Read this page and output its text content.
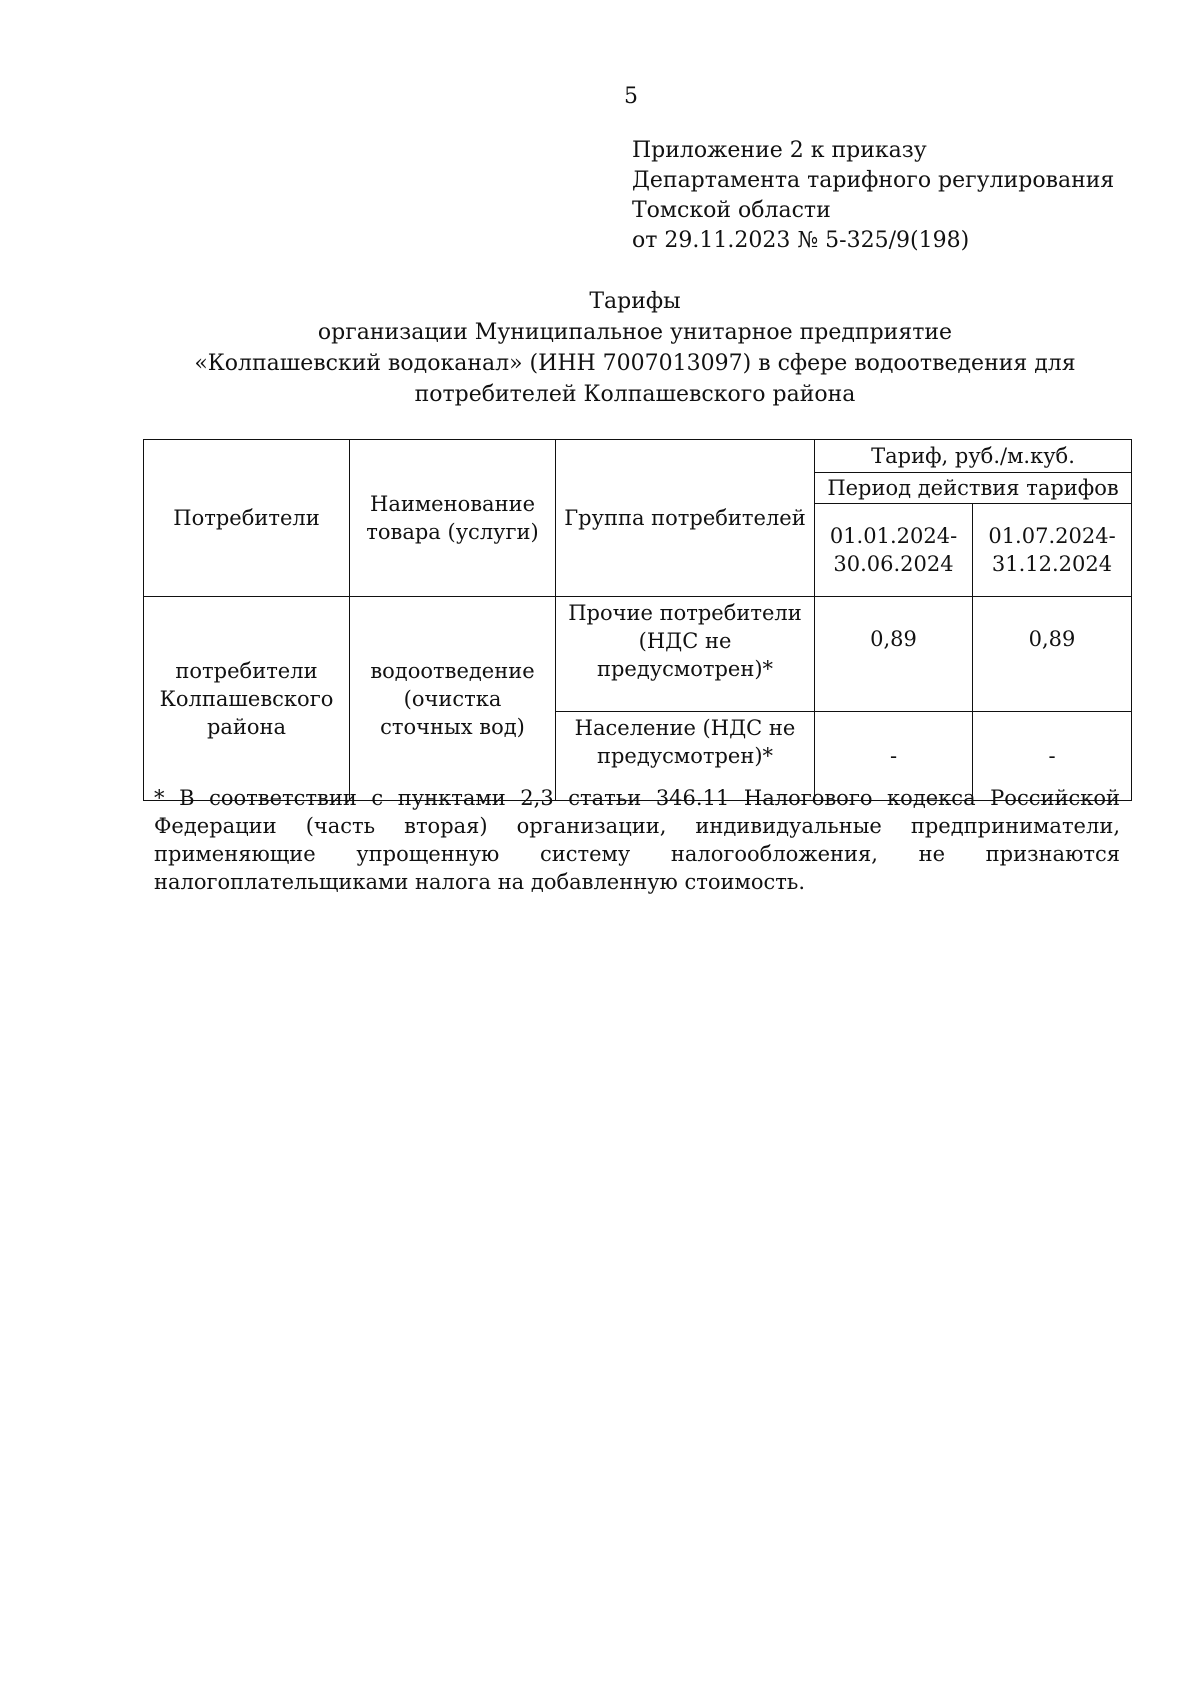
5
Приложение 2 к приказу
Департамента тарифного регулирования
Томской области
от 29.11.2023 № 5-325/9(198)
Тарифы
организации Муниципальное унитарное предприятие
«Колпашевский водоканал» (ИНН 7007013097) в сфере водоотведения для
потребителей Колпашевского района
Потребители	Наименование товара (услуги)	Группа потребителей	Тариф, руб./м.куб.	
			Период действия тарифов	
			01.01.2024-30.06.2024	01.07.2024-31.12.2024
потребители Колпашевского района	водоотведение (очистка сточных вод)	Прочие потребители (НДС не предусмотрен)*	0,89	0,89
		Население (НДС не предусмотрен)*	-	-
* В соответствии с пунктами 2,3 статьи 346.11 Налогового кодекса Российской Федерации (часть вторая) организации, индивидуальные предприниматели, применяющие упрощенную систему налогообложения, не признаются налогоплательщиками налога на добавленную стоимость.
